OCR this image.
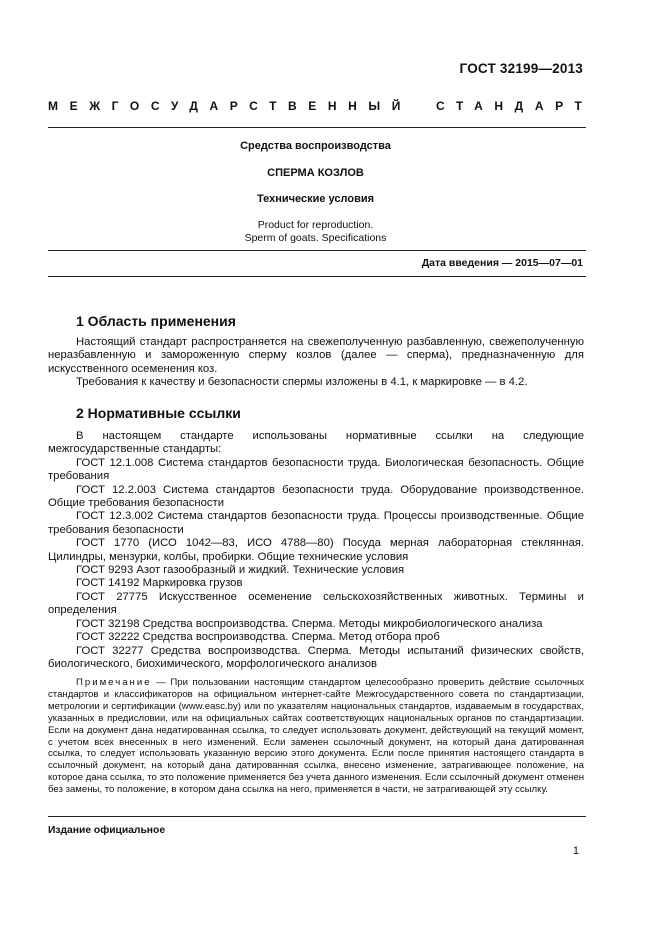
ГОСТ 32199—2013
МЕЖГОСУДАРСТВЕННЫЙ СТАНДАРТ
Средства воспроизводства
СПЕРМА КОЗЛОВ
Технические условия
Product for reproduction.
Sperm of goats. Specifications
Дата введения — 2015—07—01
1 Область применения

Настоящий стандарт распространяется на свежеполученную разбавленную, свежеполученную неразбавленную и замороженную сперму козлов (далее — сперма), предназначенную для искусственного осеменения коз.

Требования к качеству и безопасности спермы изложены в 4.1, к маркировке — в 4.2.

2 Нормативные ссылки

В настоящем стандарте использованы нормативные ссылки на следующие межгосударственные стандарты:

ГОСТ 12.1.008 Система стандартов безопасности труда. Биологическая безопасность. Общие требования

ГОСТ 12.2.003 Система стандартов безопасности труда. Оборудование производственное. Общие требования безопасности

ГОСТ 12.3.002 Система стандартов безопасности труда. Процессы производственные. Общие требования безопасности

ГОСТ 1770 (ИСО 1042—83, ИСО 4788—80) Посуда мерная лабораторная стеклянная. Цилиндры, мензурки, колбы, пробирки. Общие технические условия

ГОСТ 9293 Азот газообразный и жидкий. Технические условия

ГОСТ 14192 Маркировка грузов

ГОСТ 27775 Искусственное осеменение сельскохозяйственных животных. Термины и определения

ГОСТ 32198 Средства воспроизводства. Сперма. Методы микробиологического анализа

ГОСТ 32222 Средства воспроизводства. Сперма. Метод отбора проб

ГОСТ 32277 Средства воспроизводства. Сперма. Методы испытаний физических свойств, биологического, биохимического, морфологического анализов

Примечание — При пользовании настоящим стандартом целесообразно проверить действие ссылочных стандартов и классификаторов на официальном интернет-сайте Межгосударственного совета по стандартизации, метрологии и сертификации (www.easc.by) или по указателям национальных стандартов, издаваемым в государствах, указанных в предисловии, или на официальных сайтах соответствующих национальных органов по стандартизации. Если на документ дана недатированная ссылка, то следует использовать документ, действующий на текущий момент, с учетом всех внесенных в него изменений. Если заменен ссылочный документ, на который дана датированная ссылка, то следует использовать указанную версию этого документа. Если после принятия настоящего стандарта в ссылочный документ, на который дана датированная ссылка, внесено изменение, затрагивающее положение, на которое дана ссылка, то это положение применяется без учета данного изменения. Если ссылочный документ отменен без замены, то положение, в котором дана ссылка на него, применяется в части, не затрагивающей эту ссылку.

Издание официальное
1
